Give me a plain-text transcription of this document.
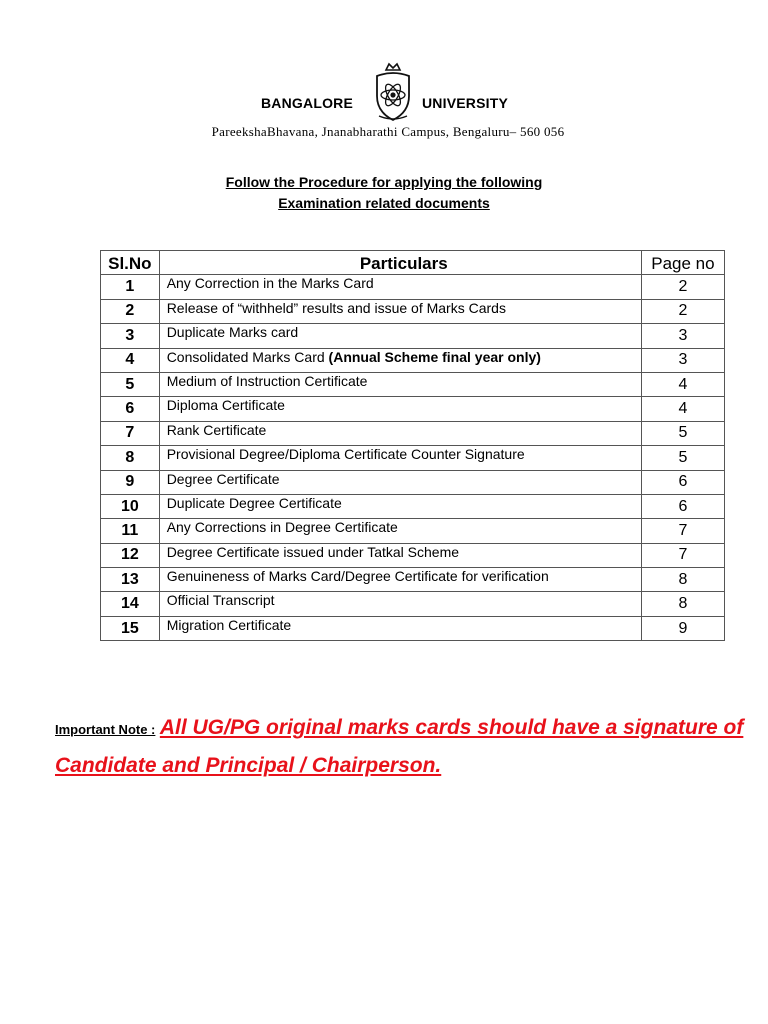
BANGALORE	UNIVERSITY
PareekshaBhavana, Jnanabharathi Campus, Bengaluru– 560 056
Follow the Procedure for applying the following
Examination related documents
Sl.No	Particulars	Page no
1	Any Correction in the Marks Card	2
2	Release of “withheld” results and issue of Marks Cards	2
3	Duplicate Marks card	3
4	Consolidated Marks Card (Annual Scheme final year only)	3
5	Medium of Instruction Certificate	4
6	Diploma Certificate	4
7	Rank Certificate	5
8	Provisional Degree/Diploma Certificate Counter Signature	5
9	Degree Certificate	6
10	Duplicate Degree Certificate	6
11	Any Corrections in Degree Certificate	7
12	Degree Certificate issued under Tatkal Scheme	7
13	Genuineness of Marks Card/Degree Certificate for verification	8
14	Official Transcript	8
15	Migration Certificate	9
Important Note : All UG/PG original marks cards should have a signature of Candidate and Principal / Chairperson.
